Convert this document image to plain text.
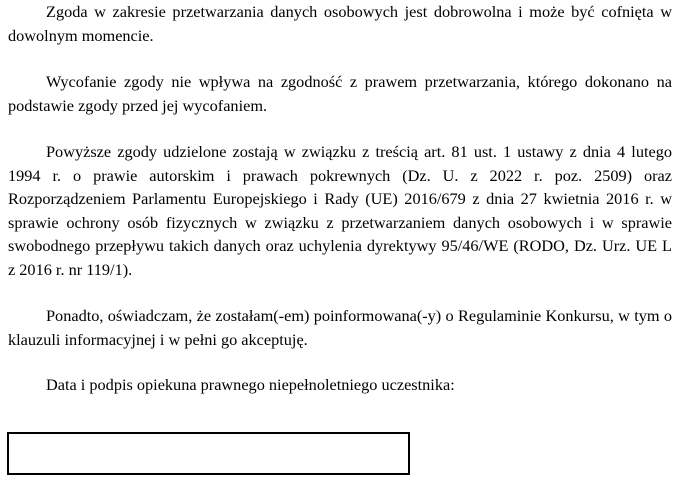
Zgoda w zakresie przetwarzania danych osobowych jest dobrowolna i może być cofnięta w dowolnym momencie.

Wycofanie zgody nie wpływa na zgodność z prawem przetwarzania, którego dokonano na podstawie zgody przed jej wycofaniem.

Powyższe zgody udzielone zostają w związku z treścią art. 81 ust. 1 ustawy z dnia 4 lutego 1994 r. o prawie autorskim i prawach pokrewnych (Dz. U. z 2022 r. poz. 2509) oraz Rozporządzeniem Parlamentu Europejskiego i Rady (UE) 2016/679 z dnia 27 kwietnia 2016 r. w sprawie ochrony osób fizycznych w związku z przetwarzaniem danych osobowych i w sprawie swobodnego przepływu takich danych oraz uchylenia dyrektywy 95/46/WE (RODO, Dz. Urz. UE L z 2016 r. nr 119/1).

Ponadto, oświadczam, że zostałam(-em) poinformowana(-y) o Regulaminie Konkursu, w tym o klauzuli informacyjnej i w pełni go akceptuję.

Data i podpis opiekuna prawnego niepełnoletniego uczestnika:
